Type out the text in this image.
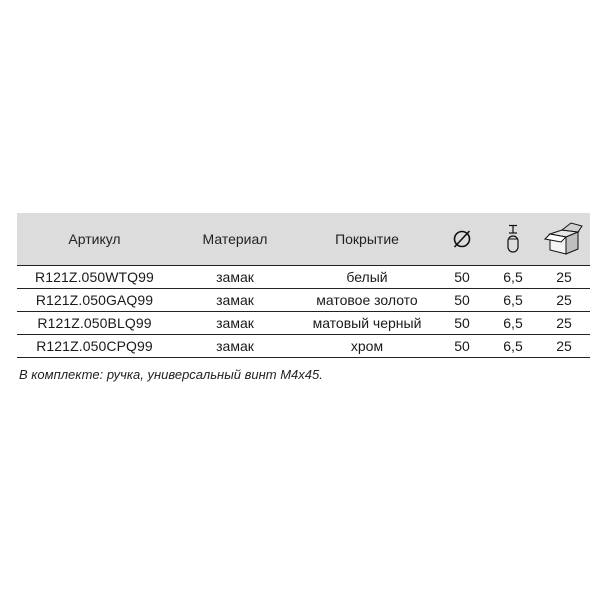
Артикул	Материал	Покрытие			
R121Z.050WTQ99	замак	белый	50	6,5	25
R121Z.050GAQ99	замак	матовое золото	50	6,5	25
R121Z.050BLQ99	замак	матовый черный	50	6,5	25
R121Z.050CPQ99	замак	хром	50	6,5	25
В комплекте: ручка, универсальный винт М4х45.
